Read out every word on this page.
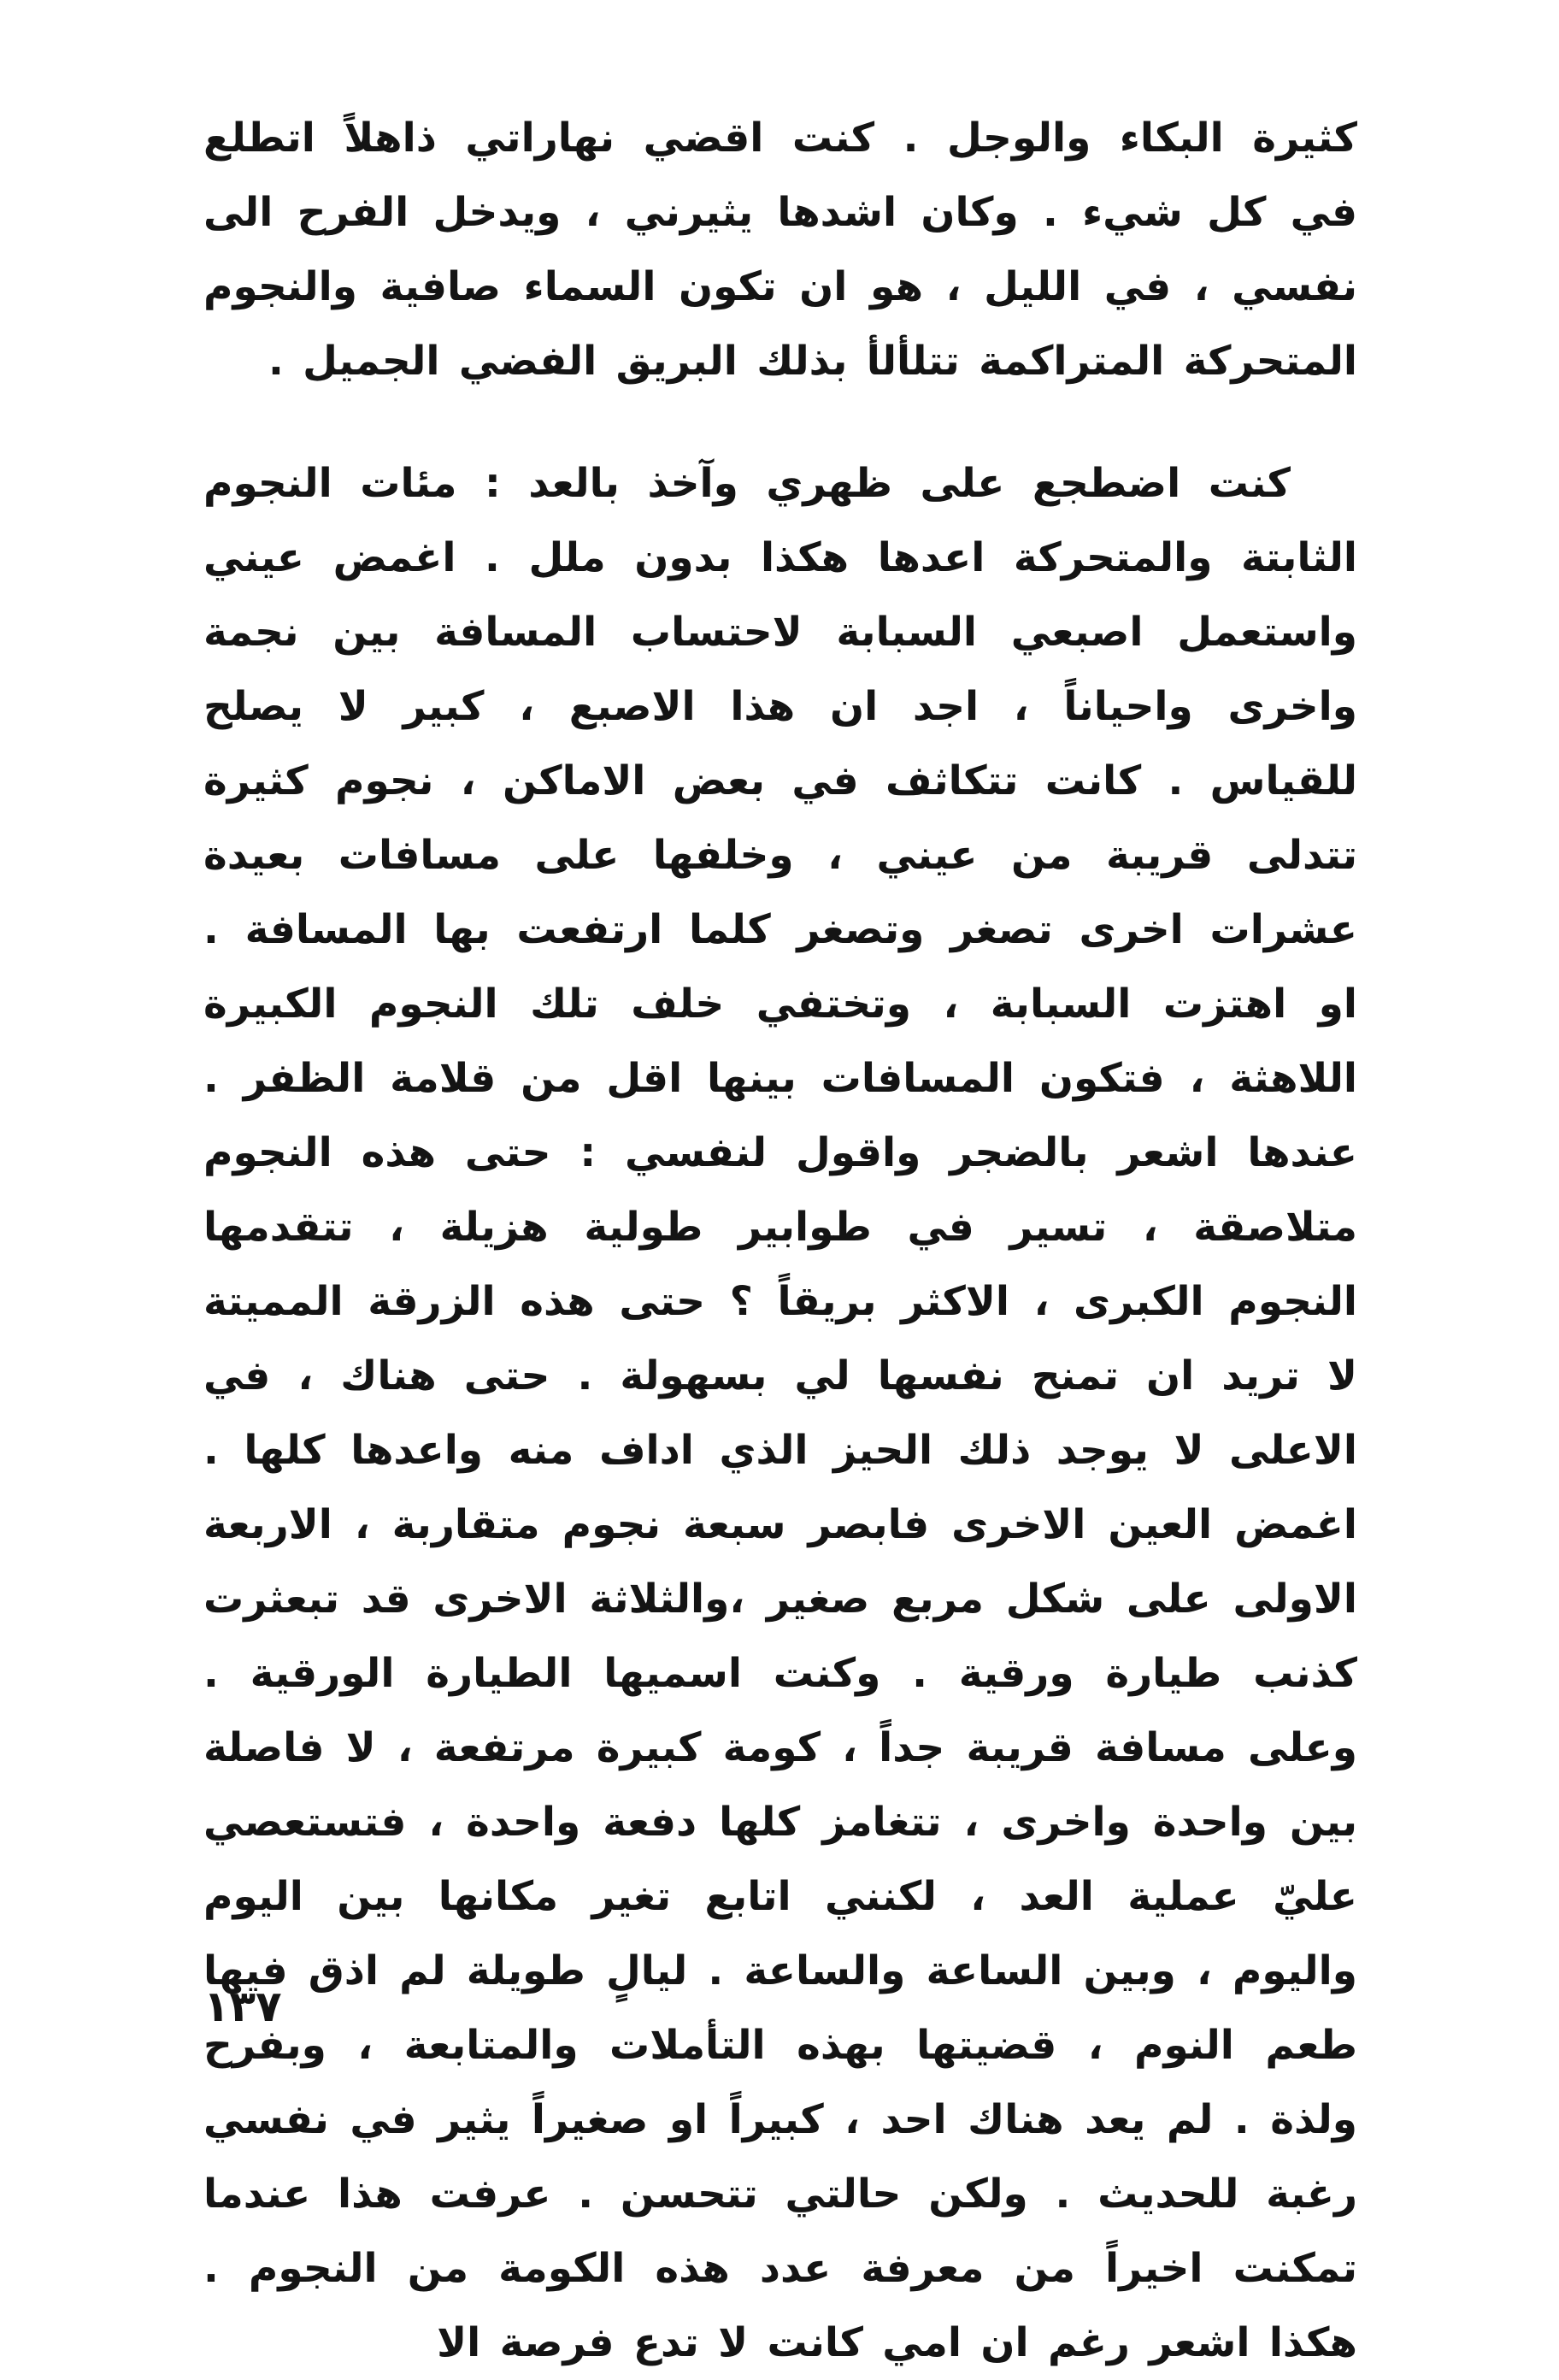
كثيرة البكاء والوجل . كنت اقضي نهاراتي ذاهلاً اتطلع في كل شيء . وكان اشدها يثيرني ، ويدخل الفرح الى نفسي ، في الليل ، هو ان تكون السماء صافية والنجوم المتحركة المتراكمة تتلألأ بذلك البريق الفضي الجميل .

كنت اضطجع على ظهري وآخذ بالعد : مئات النجوم الثابتة والمتحركة اعدها هكذا بدون ملل . اغمض عيني واستعمل اصبعي السبابة لاحتساب المسافة بين نجمة واخرى واحياناً ، اجد ان هذا الاصبع ، كبير لا يصلح للقياس . كانت تتكاثف في بعض الاماكن ، نجوم كثيرة تتدلى قريبة من عيني ، وخلفها على مسافات بعيدة عشرات اخرى تصغر وتصغر كلما ارتفعت بها المسافة . او اهتزت السبابة ، وتختفي خلف تلك النجوم الكبيرة اللاهثة ، فتكون المسافات بينها اقل من قلامة الظفر . عندها اشعر بالضجر واقول لنفسي : حتى هذه النجوم متلاصقة ، تسير في طوابير طولية هزيلة ، تتقدمها النجوم الكبرى ، الاكثر بريقاً ؟ حتى هذه الزرقة المميتة لا تريد ان تمنح نفسها لي بسهولة . حتى هناك ، في الاعلى لا يوجد ذلك الحيز الذي اداف منه واعدها كلها . اغمض العين الاخرى فابصر سبعة نجوم متقاربة ، الاربعة الاولى على شكل مربع صغير ،والثلاثة الاخرى قد تبعثرت كذنب طيارة ورقية . وكنت اسميها الطيارة الورقية . وعلى مسافة قريبة جداً ، كومة كبيرة مرتفعة ، لا فاصلة بين واحدة واخرى ، تتغامز كلها دفعة واحدة ، فتستعصي عليّ عملية العد ، لكنني اتابع تغير مكانها بين اليوم واليوم ، وبين الساعة والساعة . ليالٍ طويلة لم اذق فيها طعم النوم ، قضيتها بهذه التأملات والمتابعة ، وبفرح ولذة . لم يعد هناك احد ، كبيراً او صغيراً يثير في نفسي رغبة للحديث . ولكن حالتي تتحسن . عرفت هذا عندما تمكنت اخيراً من معرفة عدد هذه الكومة من النجوم . هكذا اشعر رغم ان امي كانت لا تدع فرصة الا

١٣٧
